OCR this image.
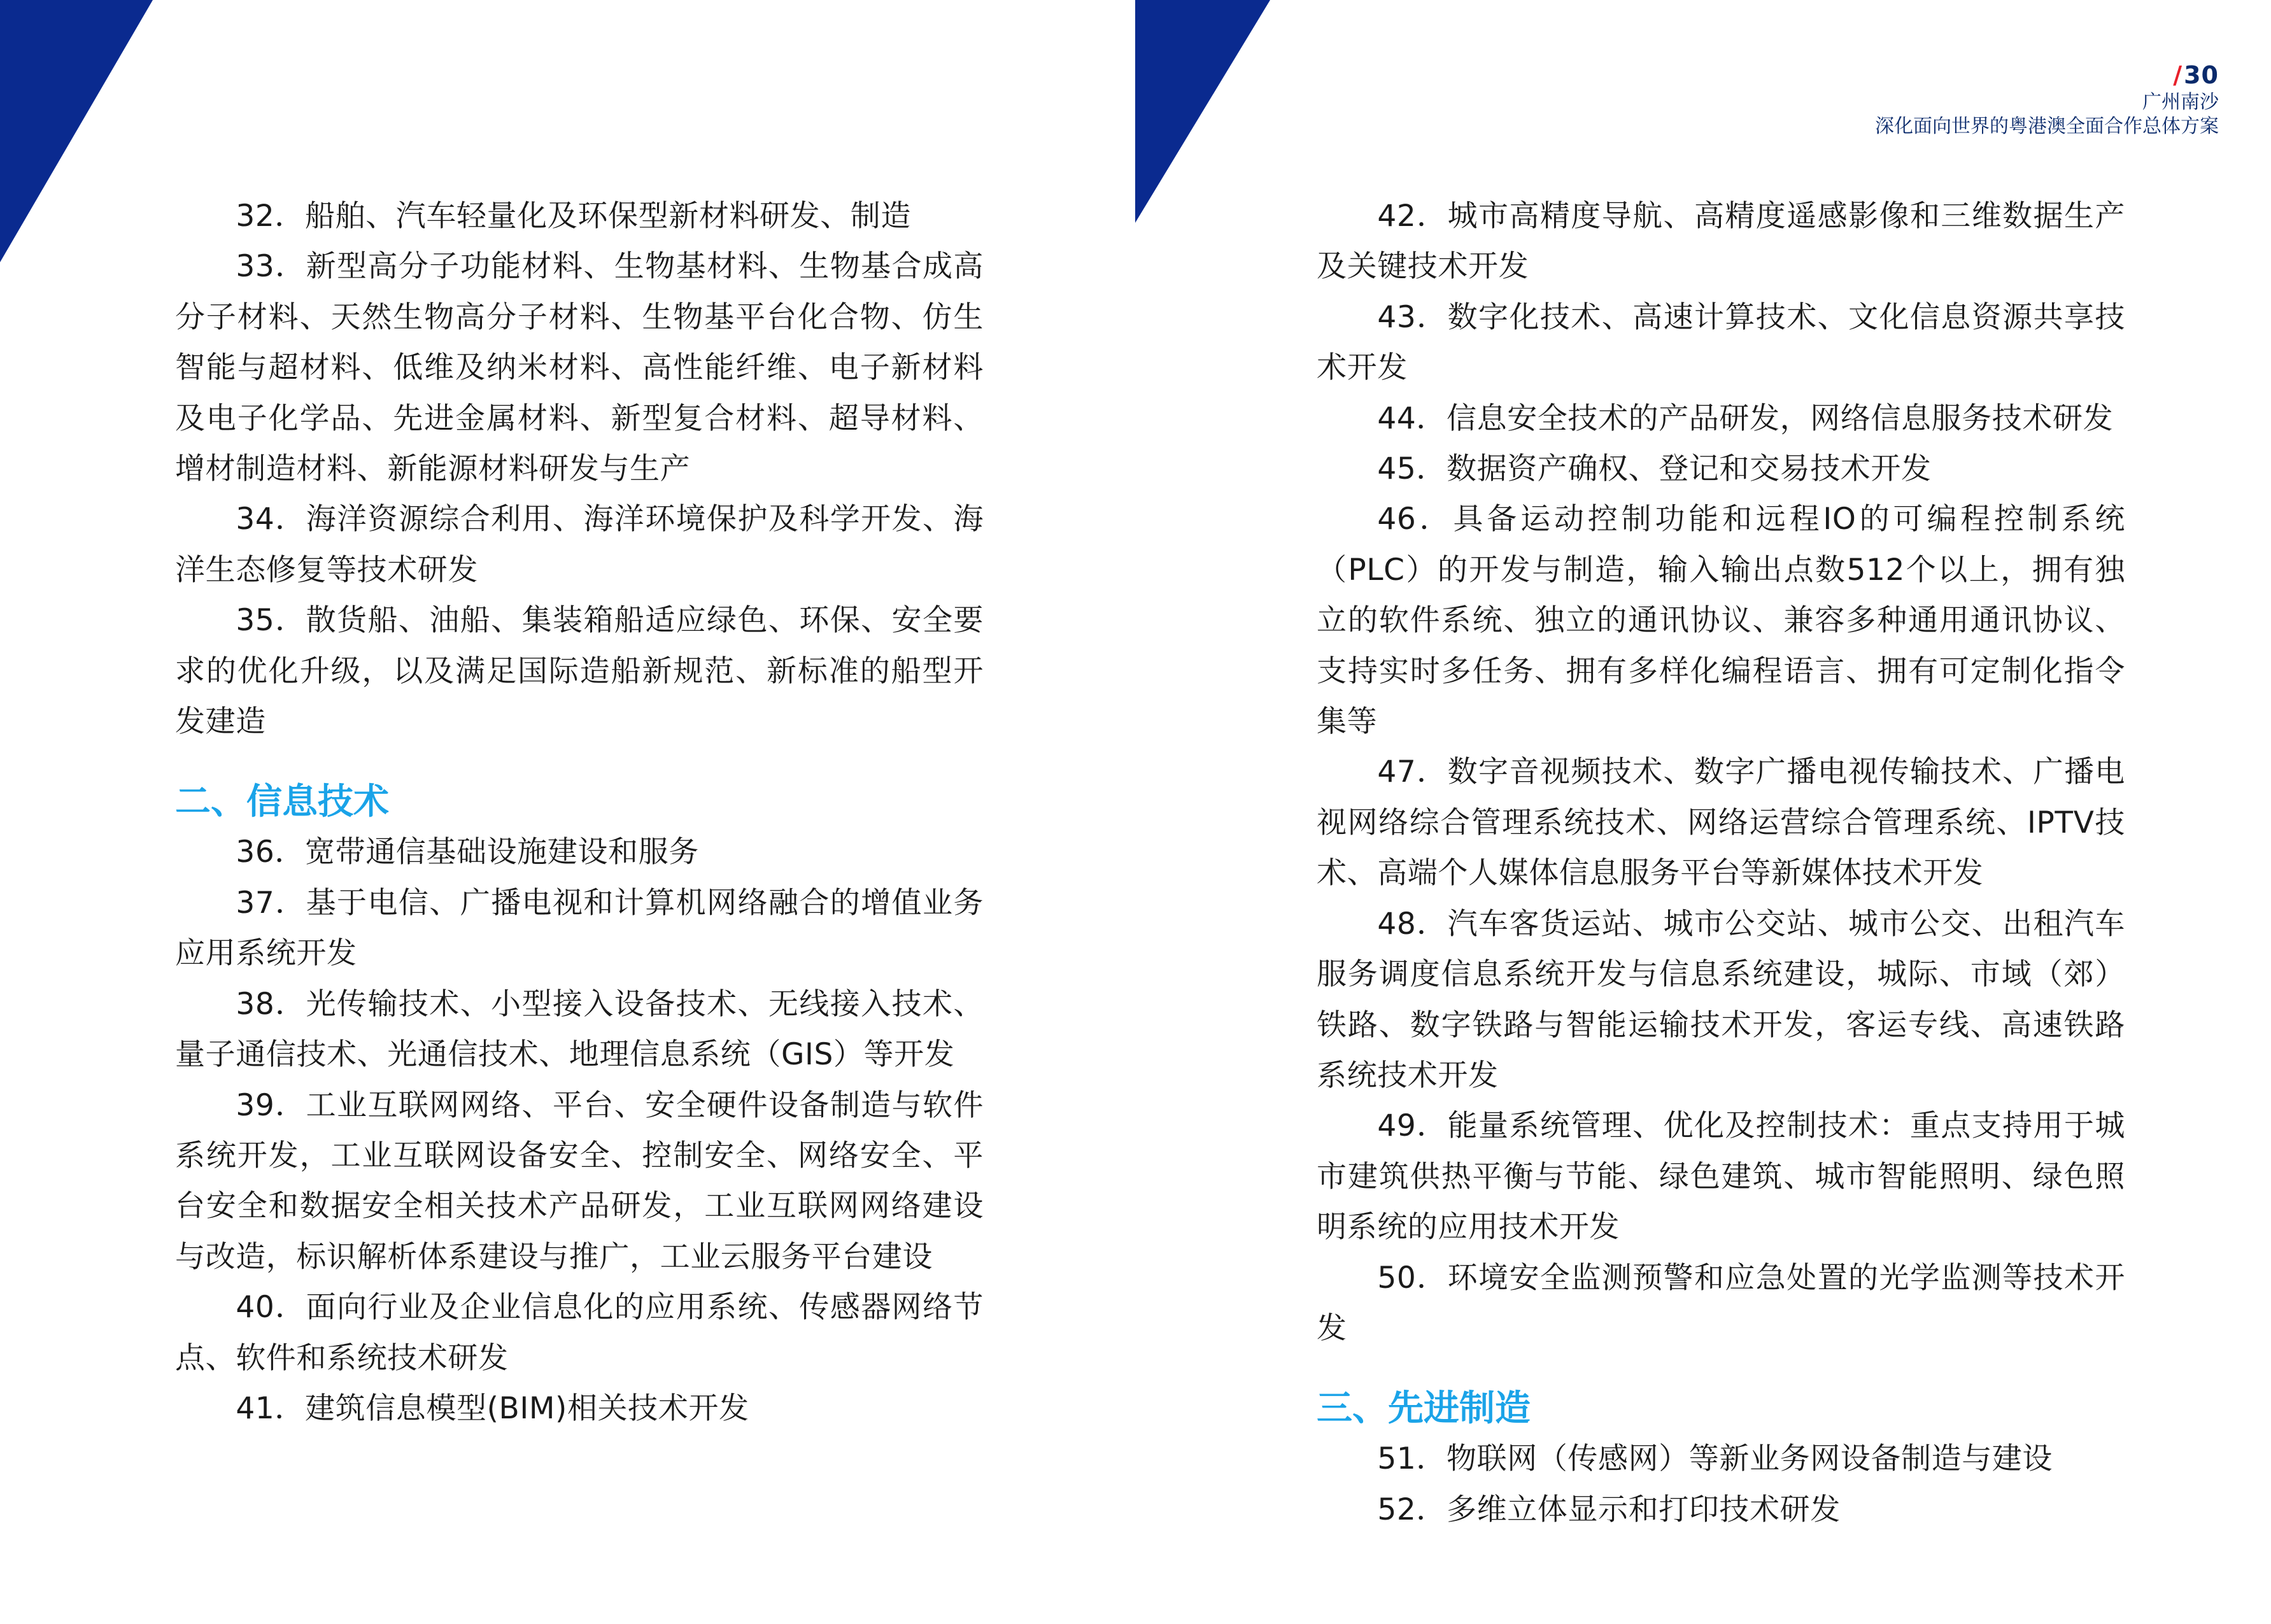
32．船舶、汽车轻量化及环保型新材料研发、制造

33．新型高分子功能材料、生物基材料、生物基合成高分子材料、天然生物高分子材料、生物基平台化合物、仿生智能与超材料、低维及纳米材料、高性能纤维、电子新材料及电子化学品、先进金属材料、新型复合材料、超导材料、增材制造材料、新能源材料研发与生产

34．海洋资源综合利用、海洋环境保护及科学开发、海洋生态修复等技术研发

35．散货船、油船、集装箱船适应绿色、环保、安全要求的优化升级，以及满足国际造船新规范、新标准的船型开发建造

二、信息技术

36．宽带通信基础设施建设和服务

37．基于电信、广播电视和计算机网络融合的增值业务应用系统开发

38．光传输技术、小型接入设备技术、无线接入技术、量子通信技术、光通信技术、地理信息系统（GIS）等开发

39．工业互联网网络、平台、安全硬件设备制造与软件系统开发，工业互联网设备安全、控制安全、网络安全、平台安全和数据安全相关技术产品研发，工业互联网网络建设与改造，标识解析体系建设与推广，工业云服务平台建设

40．面向行业及企业信息化的应用系统、传感器网络节点、软件和系统技术研发

41．建筑信息模型(BIM)相关技术开发

/30
广州南沙
深化面向世界的粤港澳全面合作总体方案

42．城市高精度导航、高精度遥感影像和三维数据生产及关键技术开发

43．数字化技术、高速计算技术、文化信息资源共享技术开发

44．信息安全技术的产品研发，网络信息服务技术研发

45．数据资产确权、登记和交易技术开发

46．具备运动控制功能和远程IO的可编程控制系统（PLC）的开发与制造，输入输出点数512个以上，拥有独立的软件系统、独立的通讯协议、兼容多种通用通讯协议、支持实时多任务、拥有多样化编程语言、拥有可定制化指令集等

47．数字音视频技术、数字广播电视传输技术、广播电视网络综合管理系统技术、网络运营综合管理系统、IPTV技术、高端个人媒体信息服务平台等新媒体技术开发

48．汽车客货运站、城市公交站、城市公交、出租汽车服务调度信息系统开发与信息系统建设，城际、市域（郊）铁路、数字铁路与智能运输技术开发，客运专线、高速铁路系统技术开发

49．能量系统管理、优化及控制技术：重点支持用于城市建筑供热平衡与节能、绿色建筑、城市智能照明、绿色照明系统的应用技术开发

50．环境安全监测预警和应急处置的光学监测等技术开发

三、先进制造

51．物联网（传感网）等新业务网设备制造与建设

52．多维立体显示和打印技术研发
